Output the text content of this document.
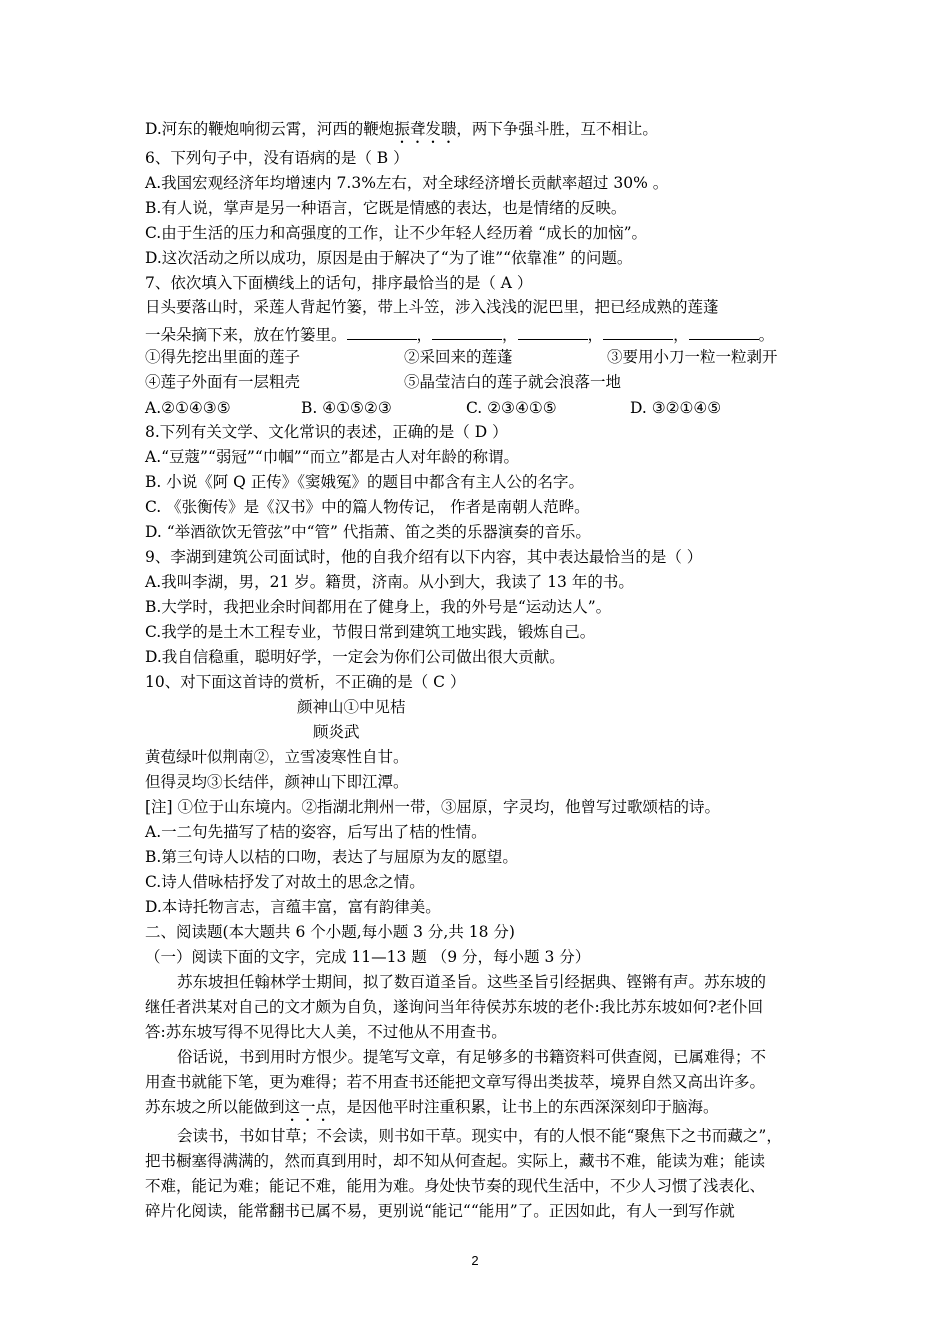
D.河东的鞭炮响彻云霄，河西的鞭炮振聋发聩，两下争强斗胜，互不相让。
6、下列句子中，没有语病的是（ B ）
A.我国宏观经济年均增速内 7.3%左右，对全球经济增长贡献率超过 30% 。
B.有人说，掌声是另一种语言，它既是情感的表达，也是情绪的反映。
C.由于生活的压力和高强度的工作，让不少年轻人经历着 “成长的加恼”。
D.这次活动之所以成功，原因是由于解决了“为了谁”“依靠准” 的问题。
7、依次填入下面横线上的话句，排序最恰当的是（ A ）
日头要落山时，采莲人背起竹篓，带上斗笠，涉入浅浅的泥巴里，把已经成熟的莲蓬
一朵朵摘下来，放在竹篓里。	，	，	，	，	。
①得先挖出里面的莲子	②采回来的莲蓬	③要用小刀一粒一粒剥开
④莲子外面有一层粗壳	⑤晶莹洁白的莲子就会浪落一地
A.②①④③⑤	B. ④①⑤②③	C. ②③④①⑤	D. ③②①④⑤
8.下列有关文学、文化常识的表述，正确的是（ D ）
A.“豆蔻”“弱冠”“巾帼”“而立”都是古人对年龄的称谓。
B. 小说《阿 Q 正传》《窦娥冤》的题目中都含有主人公的名字。
C. 《张衡传》是《汉书》中的篇人物传记， 作者是南朝人范晔。
D. “举酒欲饮无管弦”中“管” 代指萧、笛之类的乐器演奏的音乐。
9、李湖到建筑公司面试时，他的自我介绍有以下内容，其中表达最恰当的是（ ）
A.我叫李湖，男，21 岁。籍贯，济南。从小到大，我读了 13 年的书。
B.大学时，我把业余时间都用在了健身上，我的外号是“运动达人”。
C.我学的是土木工程专业，节假日常到建筑工地实践，锻炼自己。
D.我自信稳重，聪明好学，一定会为你们公司做出很大贡献。
10、对下面这首诗的赏析，不正确的是（ C ）
颜神山①中见桔
顾炎武
黄苞绿叶似荆南②，立雪凌寒性自甘。
但得灵均③长结伴，颜神山下即江潭。
[注] ①位于山东境内。②指湖北荆州一带，③屈原，字灵均，他曾写过歌颂桔的诗。
A.一二句先描写了桔的姿容，后写出了桔的性情。
B.第三句诗人以桔的口吻，表达了与屈原为友的愿望。
C.诗人借咏桔抒发了对故土的思念之情。
D.本诗托物言志，言蕴丰富，富有韵律美。
二、阅读题(本大题共 6 个小题,每小题 3 分,共 18 分)
（一）阅读下面的文字，完成 11—13 题 （9 分，每小题 3 分）
苏东坡担任翰林学士期间，拟了数百道圣旨。这些圣旨引经据典、铿锵有声。苏东坡的
继任者洪某对自己的文才颇为自负，遂询问当年待侯苏东坡的老仆:我比苏东坡如何?老仆回
答:苏东坡写得不见得比大人美，不过他从不用查书。
俗话说，书到用时方恨少。提笔写文章，有足够多的书籍资料可供查阅，已属难得；不
用查书就能下笔，更为难得；若不用查书还能把文章写得出类拔萃，境界自然又高出许多。
苏东坡之所以能做到这一点，是因他平时注重积累，让书上的东西深深刻印于脑海。
会读书，书如甘草；不会读，则书如干草。现实中，有的人恨不能“聚焦下之书而藏之”，
把书橱塞得满满的，然而真到用时，却不知从何查起。实际上，藏书不难，能读为难；能读
不难，能记为难；能记不难，能用为难。身处快节奏的现代生活中，不少人习惯了浅表化、
碎片化阅读，能常翻书已属不易，更别说“能记““能用”了。正因如此，有人一到写作就
2
